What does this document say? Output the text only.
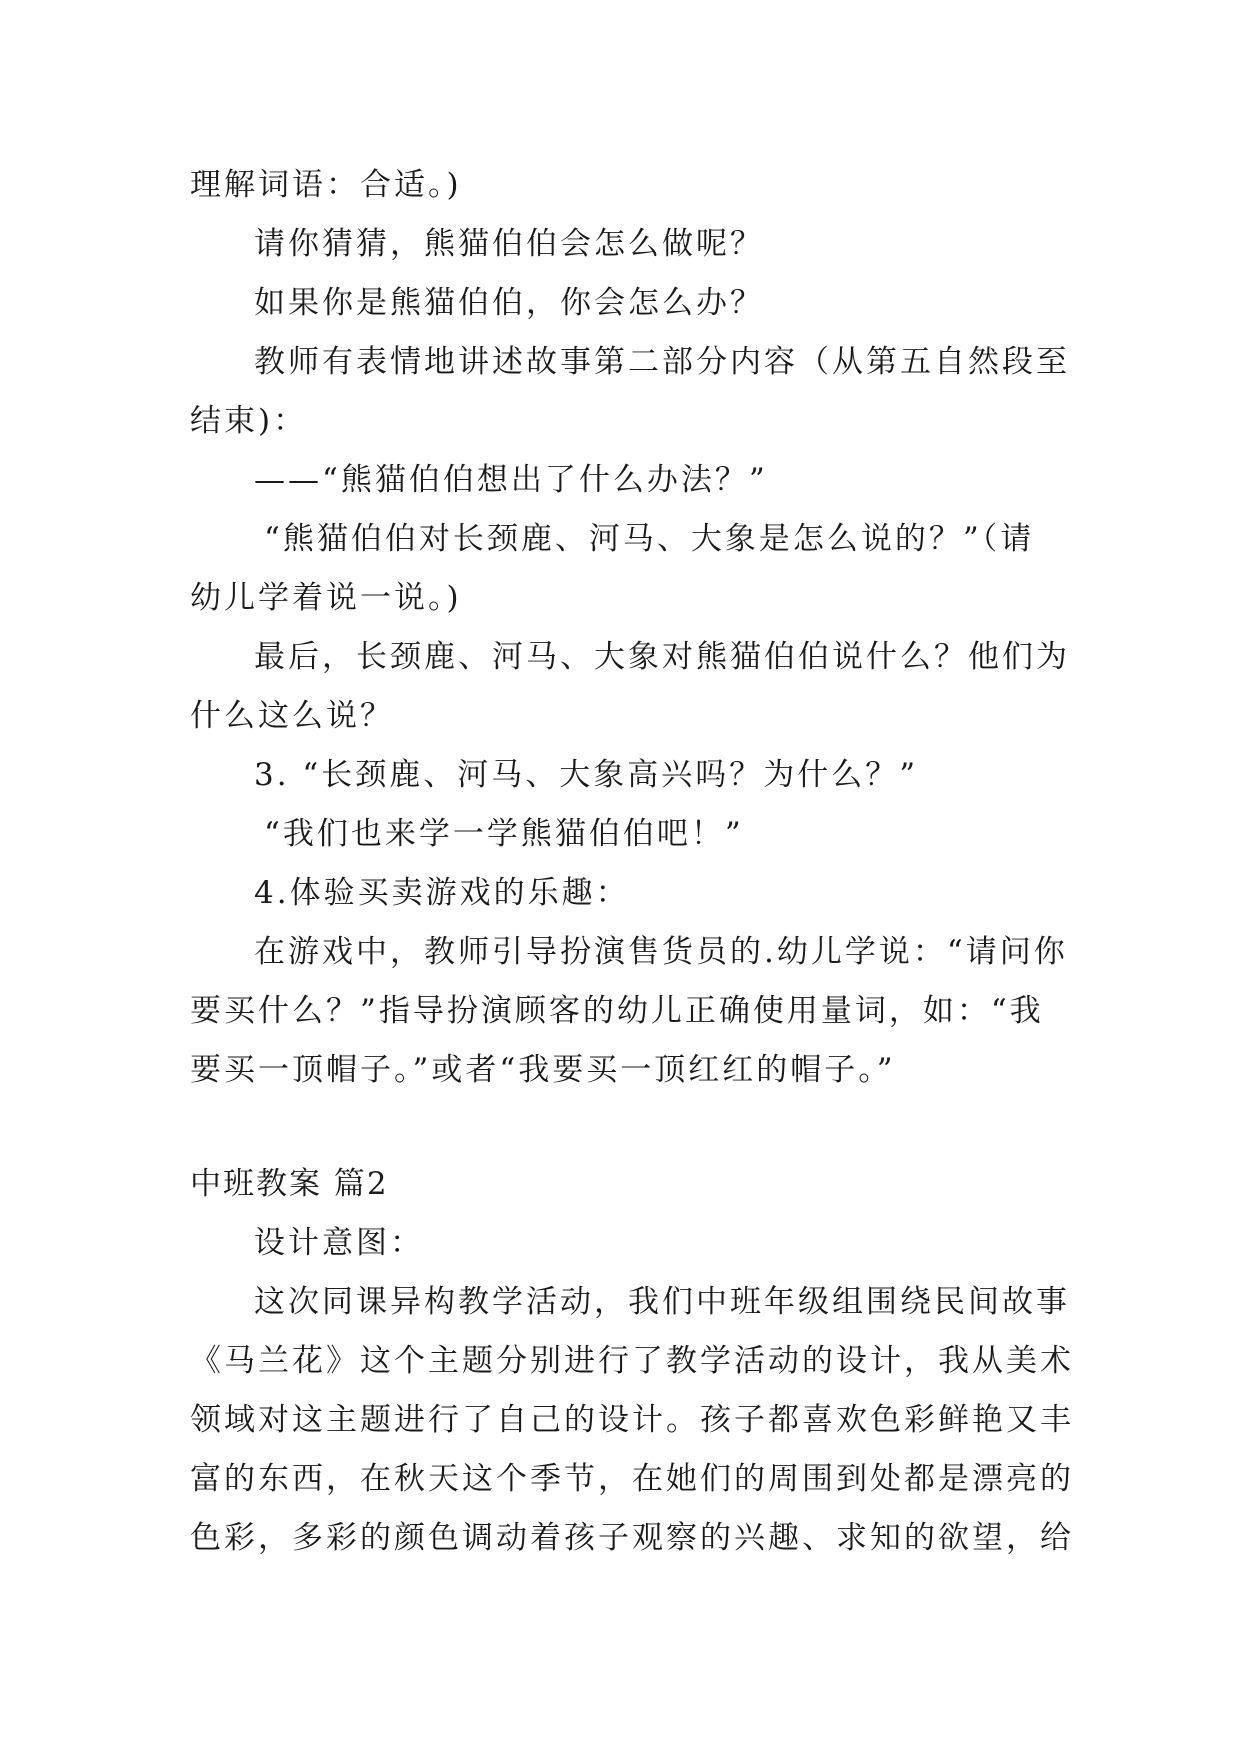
理解词语：合适。)
请你猜猜，熊猫伯伯会怎么做呢？
如果你是熊猫伯伯，你会怎么办？
教师有表情地讲述故事第二部分内容（从第五自然段至
结束)：
——“熊猫伯伯想出了什么办法？”
“熊猫伯伯对长颈鹿、河马、大象是怎么说的？”（请
幼儿学着说一说。)
最后，长颈鹿、河马、大象对熊猫伯伯说什么？他们为
什么这么说？
3. “长颈鹿、河马、大象高兴吗？为什么？”
“我们也来学一学熊猫伯伯吧！”
4.体验买卖游戏的乐趣：
在游戏中，教师引导扮演售货员的.幼儿学说：“请问你
要买什么？”指导扮演顾客的幼儿正确使用量词，如：“我
要买一顶帽子。”或者“我要买一顶红红的帽子。”
中班教案 篇2
设计意图：
这次同课异构教学活动，我们中班年级组围绕民间故事
《马兰花》这个主题分别进行了教学活动的设计，我从美术
领域对这主题进行了自己的设计。孩子都喜欢色彩鲜艳又丰
富的东西，在秋天这个季节，在她们的周围到处都是漂亮的
色彩，多彩的颜色调动着孩子观察的兴趣、求知的欲望，给
